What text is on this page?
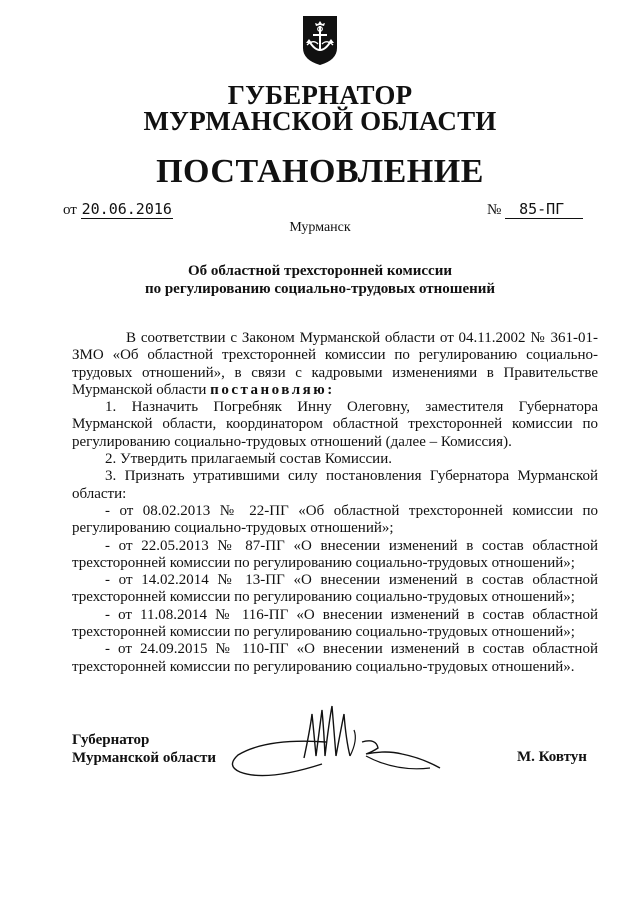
ГУБЕРНАТОР
МУРМАНСКОЙ ОБЛАСТИ
ПОСТАНОВЛЕНИЕ
от 20.06.2016	№ 85-ПГ
Мурманск
Об областной трехсторонней комиссии
по регулированию социально-трудовых отношений

В соответствии с Законом Мурманской области от 04.11.2002 № 361-01-ЗМО «Об областной трехсторонней комиссии по регулированию социально-трудовых отношений», в связи с кадровыми изменениями в Правительстве Мурманской области постановляю:

1. Назначить Погребняк Инну Олеговну, заместителя Губернатора Мурманской области, координатором областной трехсторонней комиссии по регулированию социально-трудовых отношений (далее – Комиссия).

2. Утвердить прилагаемый состав Комиссии.

3. Признать утратившими силу постановления Губернатора Мурманской области:

- от 08.02.2013 № 22-ПГ «Об областной трехсторонней комиссии по регулированию социально-трудовых отношений»;

- от 22.05.2013 № 87-ПГ «О внесении изменений в состав областной трехсторонней комиссии по регулированию социально-трудовых отношений»;

- от 14.02.2014 № 13-ПГ «О внесении изменений в состав областной трехсторонней комиссии по регулированию социально-трудовых отношений»;

- от 11.08.2014 № 116-ПГ «О внесении изменений в состав областной трехсторонней комиссии по регулированию социально-трудовых отношений»;

- от 24.09.2015 № 110-ПГ «О внесении изменений в состав областной трехсторонней комиссии по регулированию социально-трудовых отношений».

Губернатор
Мурманской области	М. Ковтун
